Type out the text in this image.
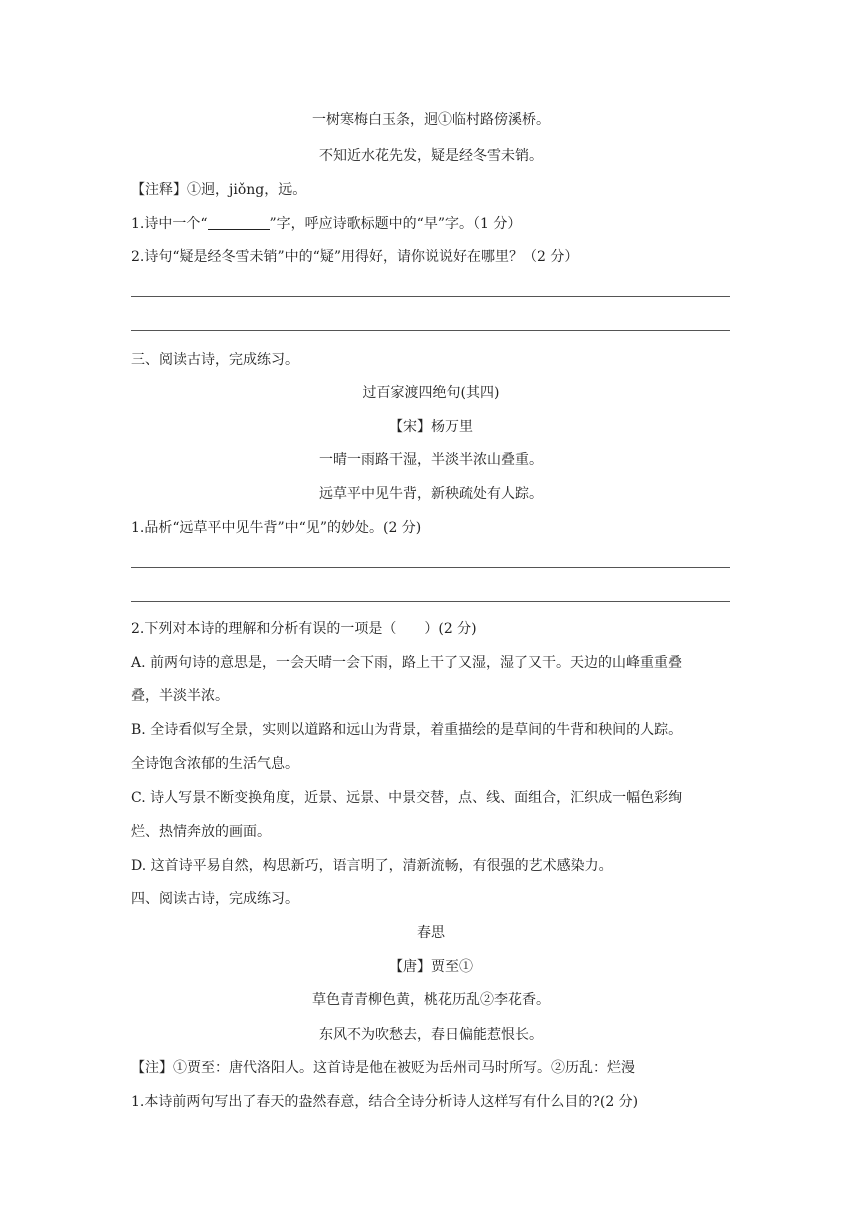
一树寒梅白玉条，迥①临村路傍溪桥。
不知近水花先发，疑是经冬雪未销。
【注释】①迥，jiǒng，远。
1.诗中一个“	”字，呼应诗歌标题中的“早”字。（1 分）
2.诗句“疑是经冬雪未销”中的“疑”用得好，请你说说好在哪里？（2 分）
三、阅读古诗，完成练习。
过百家渡四绝句(其四)
【宋】杨万里
一晴一雨路干湿，半淡半浓山叠重。
远草平中见牛背，新秧疏处有人踪。
1.品析“远草平中见牛背”中“见”的妙处。(2 分)
2.下列对本诗的理解和分析有误的一项是（ ）(2 分)
A. 前两句诗的意思是，一会天晴一会下雨，路上干了又湿，湿了又干。天边的山峰重重叠
叠，半淡半浓。
B. 全诗看似写全景，实则以道路和远山为背景，着重描绘的是草间的牛背和秧间的人踪。
全诗饱含浓郁的生活气息。
C. 诗人写景不断变换角度，近景、远景、中景交替，点、线、面组合，汇织成一幅色彩绚
烂、热情奔放的画面。
D. 这首诗平易自然，构思新巧，语言明了，清新流畅，有很强的艺术感染力。
四、阅读古诗，完成练习。
春思
【唐】贾至①
草色青青柳色黄，桃花历乱②李花香。
东风不为吹愁去，春日偏能惹恨长。
【注】①贾至：唐代洛阳人。这首诗是他在被贬为岳州司马时所写。②历乱：烂漫
1.本诗前两句写出了春天的盎然春意，结合全诗分析诗人这样写有什么目的?(2 分)
